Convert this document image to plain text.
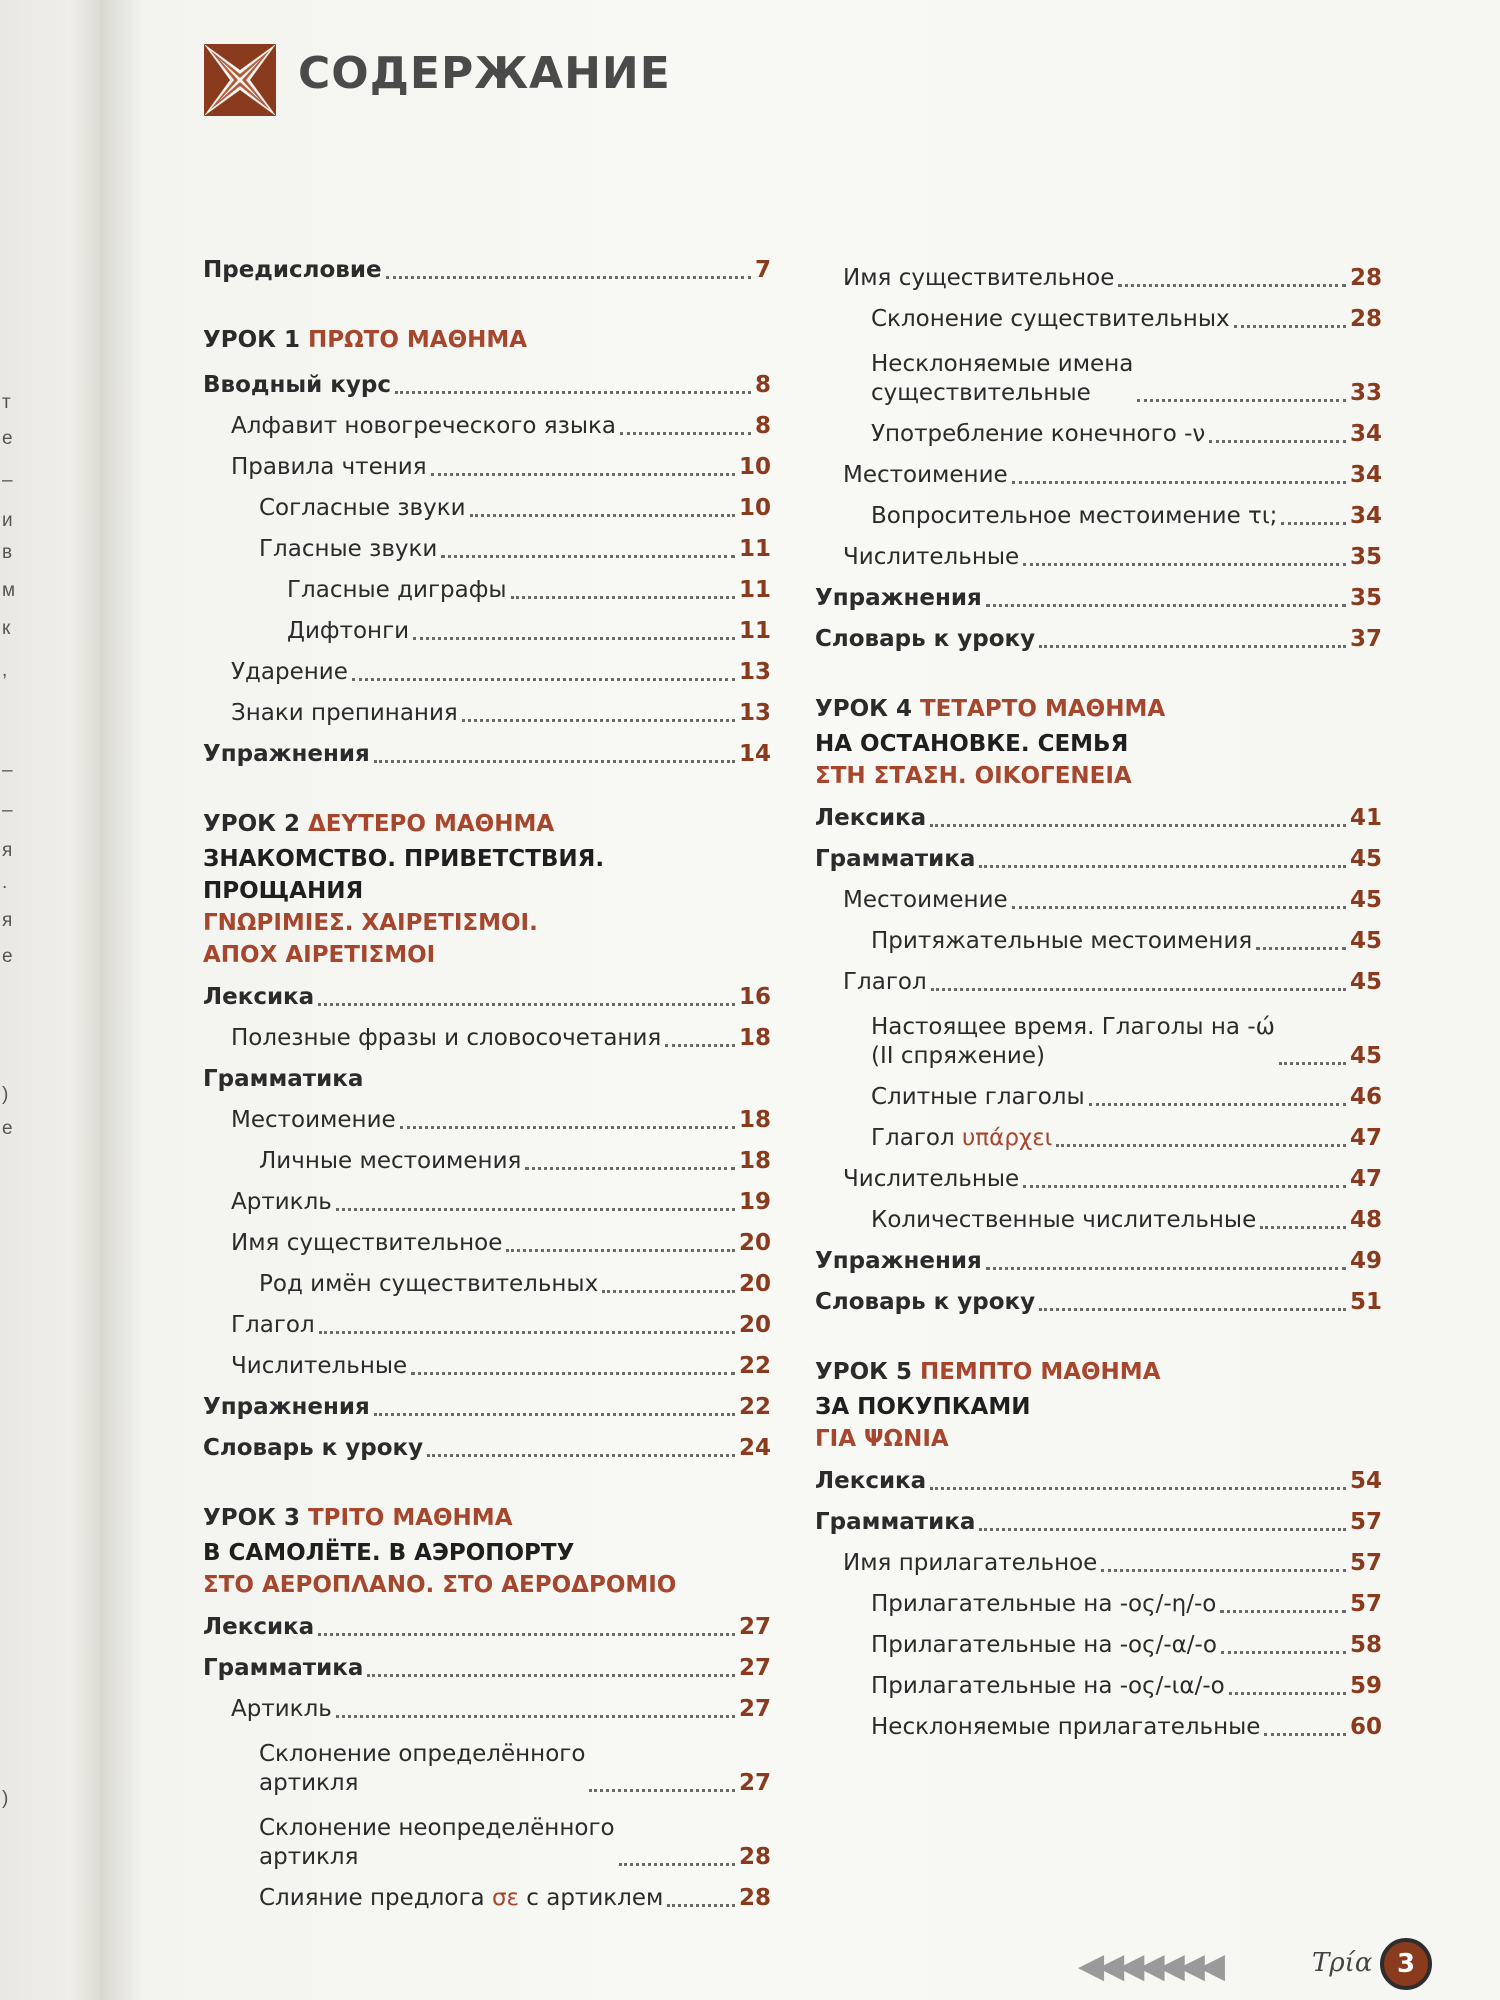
т
е
–
и
в
м
к
,
–
–
я
.
я
е
)
е
)
СОДЕРЖАНИЕ
Предисловие	7
УРОК 1 ΠΡΩΤΟ ΜΑΘΗΜΑ
Вводный курс	8
Алфавит новогреческого языка	8
Правила чтения	10
Согласные звуки	10
Гласные звуки	11
Гласные диграфы	11
Дифтонги	11
Ударение	13
Знаки препинания	13
Упражнения	14
УРОК 2 ΔΕΥΤΕΡΟ ΜΑΘΗΜΑ
ЗНАКОМСТВО. ПРИВЕТСТВИЯ. ПРОЩАНИЯ
ΓΝΩΡΙΜΙΕΣ. ΧΑΙΡΕΤΙΣΜΟΙ.
ΑΠΟΧ ΑΙΡΕΤΙΣΜΟΙ
Лексика	16
Полезные фразы и словосочетания	18
Грамматика
Местоимение	18
Личные местоимения	18
Артикль	19
Имя существительное	20
Род имён существительных	20
Глагол	20
Числительные	22
Упражнения	22
Словарь к уроку	24
УРОК 3 ΤΡΙΤΟ ΜΑΘΗΜΑ
В САМОЛЁТЕ. В АЭРОПОРТУ
ΣΤΟ ΑΕΡΟΠΛΑΝΟ. ΣΤΟ ΑΕΡΟΔΡΟΜΙΟ
Лексика	27
Грамматика	27
Артикль	27
Склонение определённого
артикля	27
Склонение неопределённого
артикля	28
Слияние предлога σε с артиклем	28
Имя существительное	28
Склонение существительных	28
Несклоняемые имена
существительные	33
Употребление конечного -ν	34
Местоимение	34
Вопросительное местоимение τι;	34
Числительные	35
Упражнения	35
Словарь к уроку	37
УРОК 4 ΤΕΤΑΡΤΟ ΜΑΘΗΜΑ
НА ОСТАНОВКЕ. СЕМЬЯ
ΣΤΗ ΣΤΑΣΗ. ΟΙΚΟΓΕΝΕΙΑ
Лексика	41
Грамматика	45
Местоимение	45
Притяжательные местоимения	45
Глагол	45
Настоящее время. Глаголы на -ώ
(II спряжение)	45
Слитные глаголы	46
Глагол υπάρχει	47
Числительные	47
Количественные числительные	48
Упражнения	49
Словарь к уроку	51
УРОК 5 ΠΕΜΠΤΟ ΜΑΘΗΜΑ
ЗА ПОКУПКАМИ
ΓΙΑ ΨΩΝΙΑ
Лексика	54
Грамматика	57
Имя прилагательное	57
Прилагательные на -ος/-η/-ο	57
Прилагательные на -ος/-α/-ο	58
Прилагательные на -ος/-ια/-ο	59
Несклоняемые прилагательные	60
◀◀◀◀◀◀◀	Tρία 3
